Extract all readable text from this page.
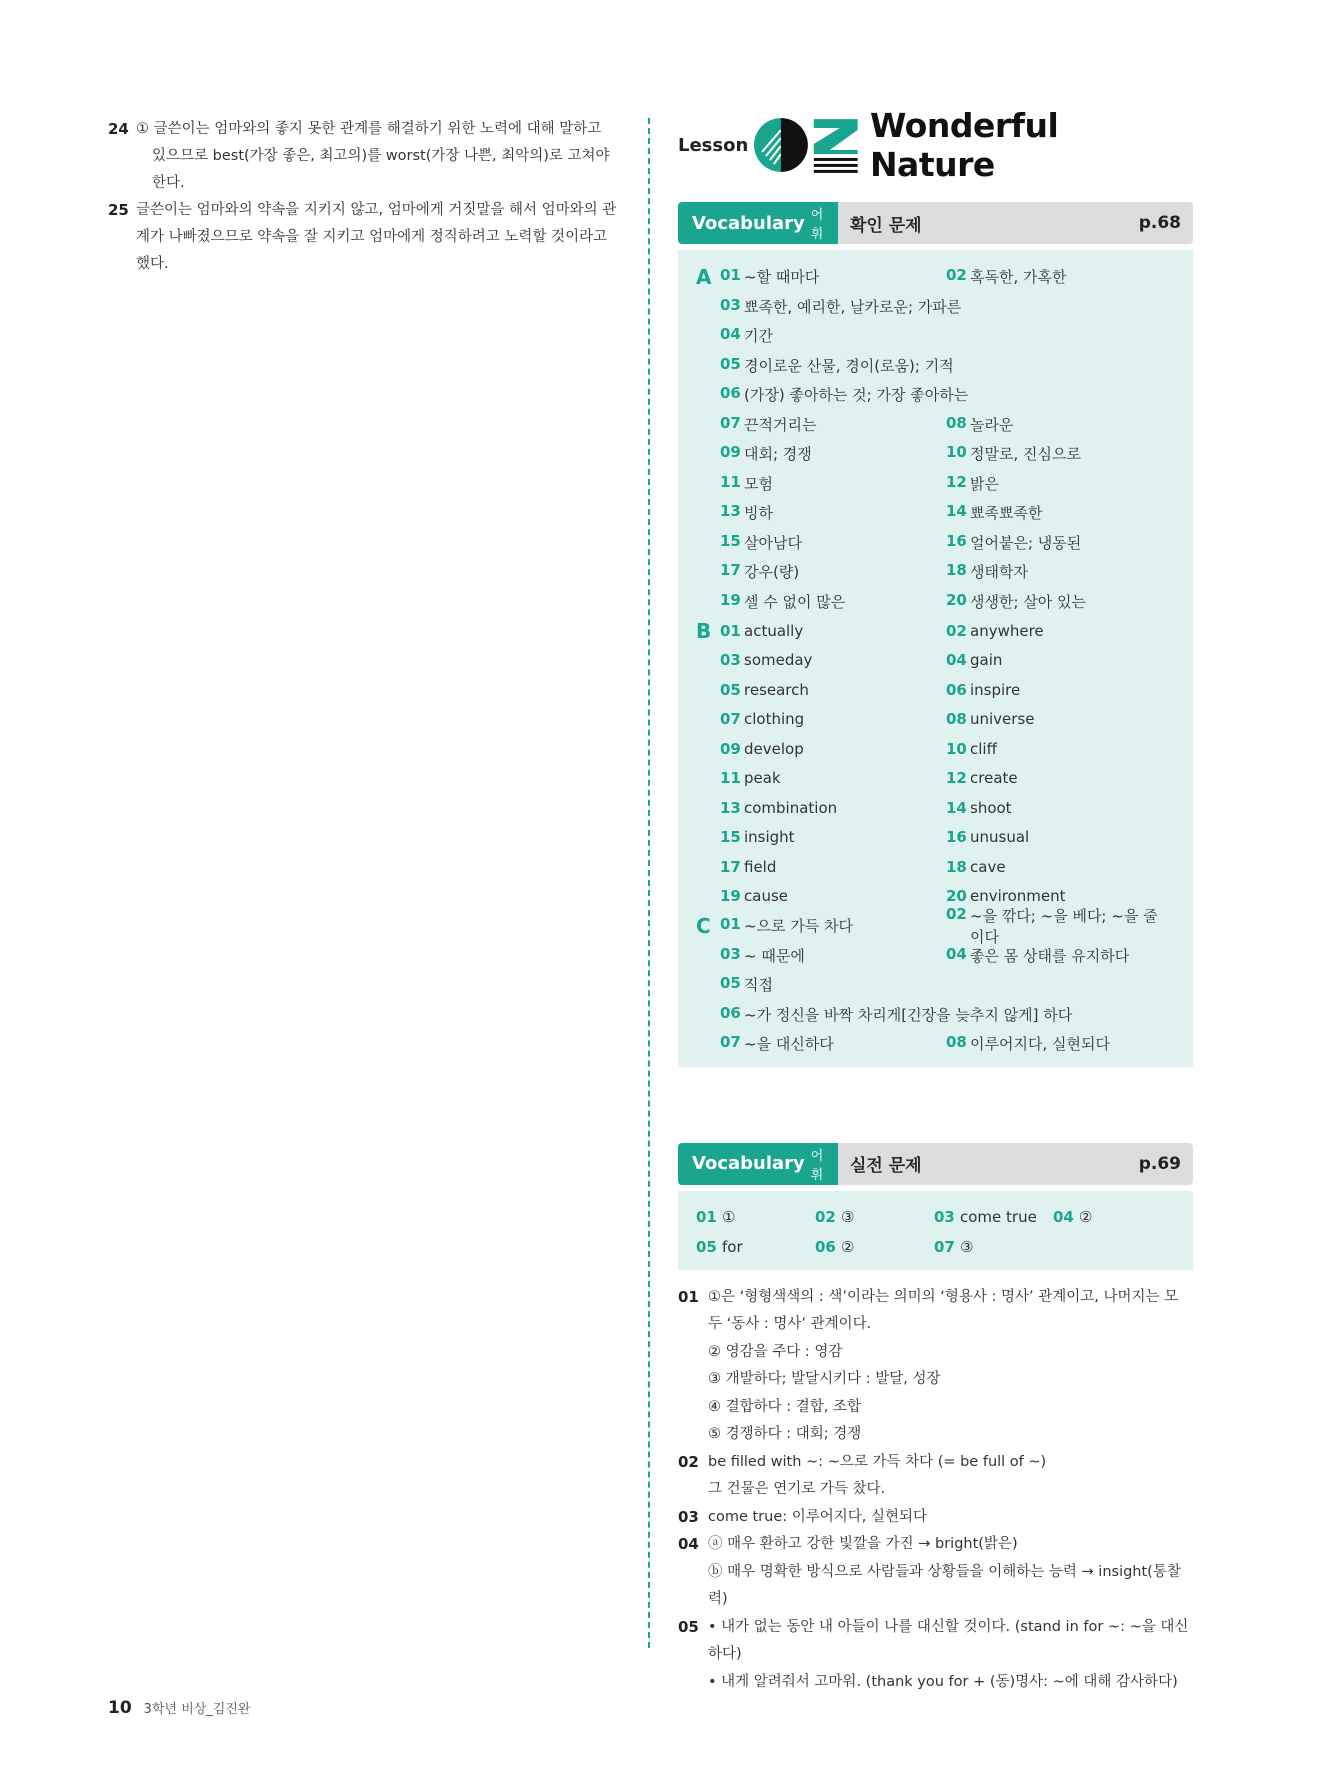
24 ① 글쓴이는 엄마와의 좋지 못한 관계를 해결하기 위한 노력에 대해 말하고
있으므로 best(가장 좋은, 최고의)를 worst(가장 나쁜, 최악의)로 고쳐야
한다.
25 글쓴이는 엄마와의 약속을 지키지 않고, 엄마에게 거짓말을 해서 엄마와의 관
계가 나빠졌으므로 약속을 잘 지키고 엄마에게 정직하려고 노력할 것이라고
했다.
Lesson	Wonderful Nature
Vocabulary 어휘 확인 문제	p.68
A 01 ~할 때마다	02 혹독한, 가혹한
03 뾰족한, 예리한, 날카로운; 가파른
04 기간
05 경이로운 산물, 경이(로움); 기적
06 (가장) 좋아하는 것; 가장 좋아하는
07 끈적거리는	08 놀라운
09 대회; 경쟁	10 정말로, 진심으로
11 모험	12 밝은
13 빙하	14 뾰족뾰족한
15 살아남다	16 얼어붙은; 냉동된
17 강우(량)	18 생태학자
19 셀 수 없이 많은	20 생생한; 살아 있는
B 01 actually	02 anywhere
03 someday	04 gain
05 research	06 inspire
07 clothing	08 universe
09 develop	10 cliff
11 peak	12 create
13 combination	14 shoot
15 insight	16 unusual
17 field	18 cave
19 cause	20 environment
C 01 ~으로 가득 차다
02 ~을 깎다; ~을 베다; ~을 줄이다
03 ~ 때문에	04 좋은 몸 상태를 유지하다
05 직접
06 ~가 정신을 바짝 차리게[긴장을 늦추지 않게] 하다
07 ~을 대신하다	08 이루어지다, 실현되다
Vocabulary 어휘 실전 문제	p.69
01 ①	02 ③	03 come true 04 ②
05 for	06 ②	07 ③
01 ①은 ‘형형색색의 : 색’이라는 의미의 ‘형용사 : 명사’ 관계이고, 나머지는 모
두 ‘동사 : 명사’ 관계이다.
② 영감을 주다 : 영감
③ 개발하다; 발달시키다 : 발달, 성장
④ 결합하다 : 결합, 조합
⑤ 경쟁하다 : 대회; 경쟁
02 be filled with ~: ~으로 가득 차다 (= be full of ~)
그 건물은 연기로 가득 찼다.
03 come true: 이루어지다, 실현되다
04 ⓐ 매우 환하고 강한 빛깔을 가진 → bright(밝은)
ⓑ 매우 명확한 방식으로 사람들과 상황들을 이해하는 능력 → insight(통찰력)
05 • 내가 없는 동안 내 아들이 나를 대신할 것이다. (stand in for ~: ~을 대신하다)
• 내게 알려줘서 고마워. (thank you for + (동)명사: ~에 대해 감사하다)
10 3학년 비상_김진완
